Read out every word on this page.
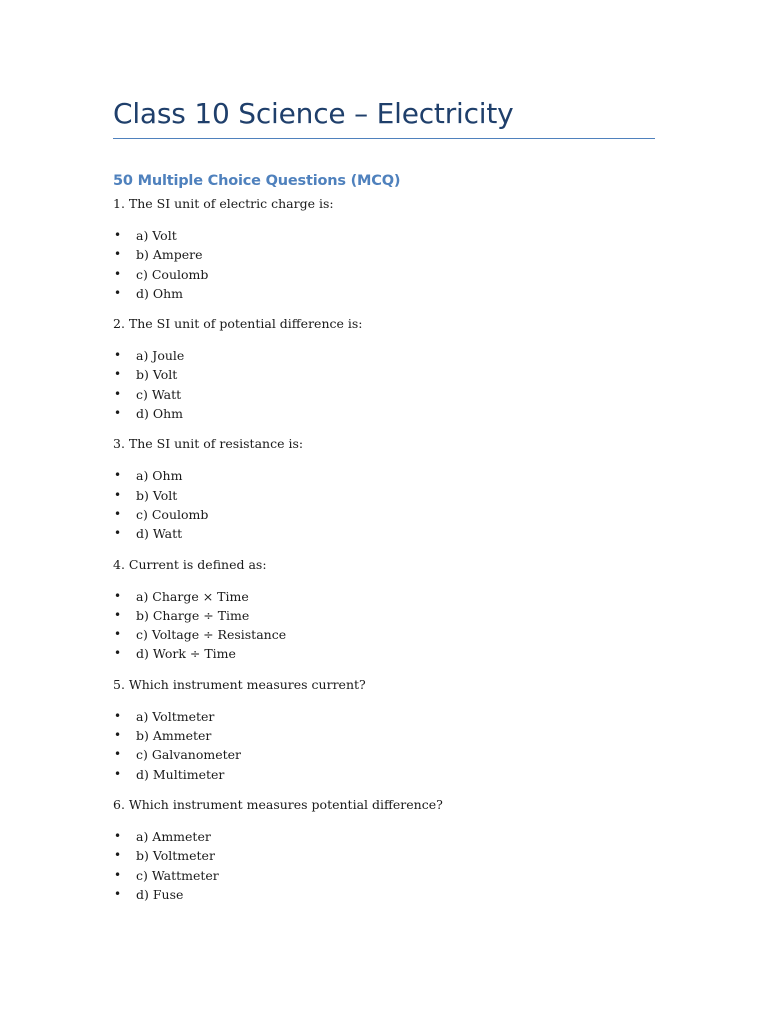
Class 10 Science – Electricity
50 Multiple Choice Questions (MCQ)

1. The SI unit of electric charge is:

• a) Volt
• b) Ampere
• c) Coulomb
• d) Ohm

2. The SI unit of potential difference is:

• a) Joule
• b) Volt
• c) Watt
• d) Ohm

3. The SI unit of resistance is:

• a) Ohm
• b) Volt
• c) Coulomb
• d) Watt

4. Current is defined as:

• a) Charge × Time
• b) Charge ÷ Time
• c) Voltage ÷ Resistance
• d) Work ÷ Time

5. Which instrument measures current?

• a) Voltmeter
• b) Ammeter
• c) Galvanometer
• d) Multimeter

6. Which instrument measures potential difference?

• a) Ammeter
• b) Voltmeter
• c) Wattmeter
• d) Fuse
